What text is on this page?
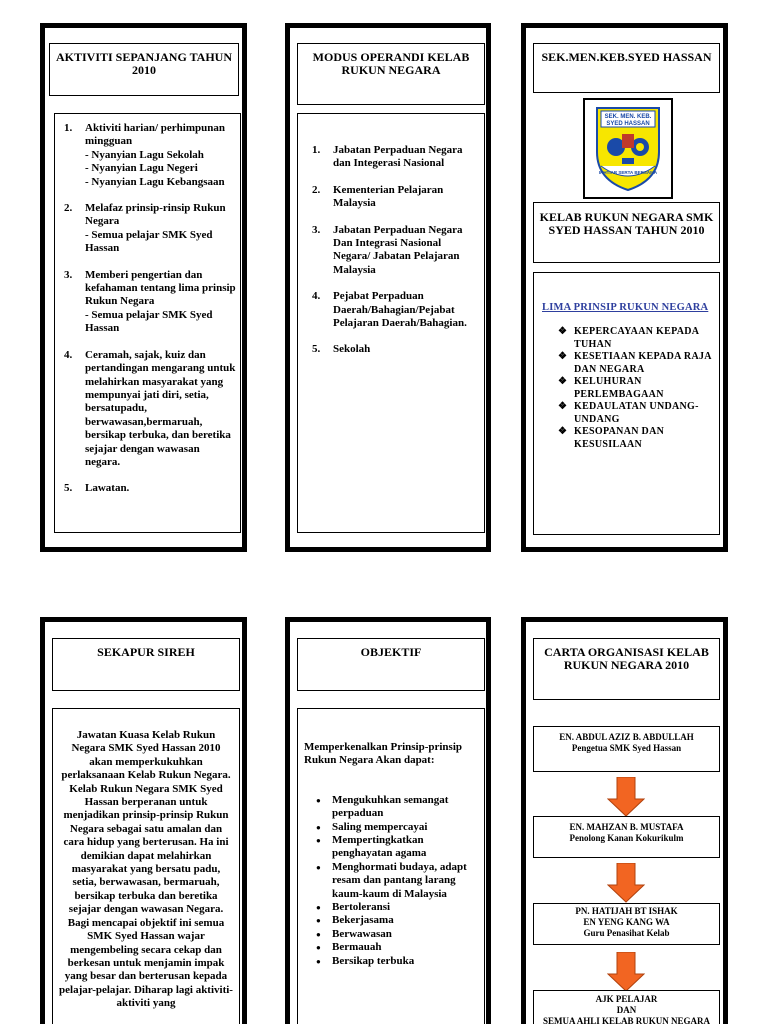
AKTIVITI SEPANJANG TAHUN 2010
1. Aktiviti harian/ perhimpunan mingguan
- Nyanyian Lagu Sekolah
- Nyanyian Lagu Negeri
- Nyanyian Lagu Kebangsaan
2. Melafaz prinsip-rinsip Rukun Negara
- Semua pelajar SMK Syed Hassan
3. Memberi pengertian dan kefahaman tentang lima prinsip Rukun Negara
- Semua pelajar SMK Syed Hassan
4. Ceramah, sajak, kuiz dan pertandingan mengarang untuk melahirkan masyarakat yang mempunyai jati diri, setia, bersatupadu, berwawasan,bermaruah, bersikap terbuka, dan beretika sejajar dengan wawasan negara.
5. Lawatan.
MODUS OPERANDI KELAB RUKUN NEGARA
1. Jabatan Perpaduan Negara dan Integerasi Nasional
2. Kementerian Pelajaran Malaysia
3. Jabatan Perpaduan Negara Dan Integrasi Nasional Negara/ Jabatan Pelajaran Malaysia
4. Pejabat Perpaduan Daerah/Bahagian/Pejabat Pelajaran Daerah/Bahagian.
5. Sekolah
SEK.MEN.KEB.SYED HASSAN
SEK. MEN. KEB.
SYED HASSAN
IKHTIAR SERTA BERSAMA
KELAB RUKUN NEGARA SMK SYED HASSAN TAHUN 2010
LIMA PRINSIP RUKUN NEGARA
❖ KEPERCAYAAN KEPADA TUHAN
❖ KESETIAAN KEPADA RAJA DAN NEGARA
❖ KELUHURAN PERLEMBAGAAN
❖ KEDAULATAN UNDANG-UNDANG
❖ KESOPANAN DAN KESUSILAAN
SEKAPUR SIREH
Jawatan Kuasa Kelab Rukun Negara SMK Syed Hassan 2010 akan memperkukuhkan perlaksanaan Kelab Rukun Negara. Kelab Rukun Negara SMK Syed Hassan berperanan untuk menjadikan prinsip-prinsip Rukun Negara sebagai satu amalan dan cara hidup yang berterusan. Ha ini demikian dapat melahirkan masyarakat yang bersatu padu, setia, berwawasan, bermaruah, bersikap terbuka dan beretika sejajar dengan wawasan Negara. Bagi mencapai objektif ini semua SMK Syed Hassan wajar mengembeling secara cekap dan berkesan untuk menjamin impak yang besar dan berterusan kepada pelajar-pelajar. Diharap lagi aktiviti-aktiviti yang
OBJEKTIF
Memperkenalkan Prinsip-prinsip Rukun Negara Akan dapat:
● Mengukuhkan semangat perpaduan
● Saling mempercayai
● Mempertingkatkan penghayatan agama
● Menghormati budaya, adapt resam dan pantang larang kaum-kaum di Malaysia
● Bertoleransi
● Bekerjasama
● Berwawasan
● Bermauah
● Bersikap terbuka
CARTA ORGANISASI KELAB RUKUN NEGARA 2010
EN. ABDUL AZIZ B. ABDULLAH
Pengetua SMK Syed Hassan
EN. MAHZAN B. MUSTAFA
Penolong Kanan Kokurikulm
PN. HATIJAH BT ISHAK
EN YENG KANG WA
Guru Penasihat Kelab
AJK PELAJAR
DAN
SEMUA AHLI KELAB RUKUN NEGARA
